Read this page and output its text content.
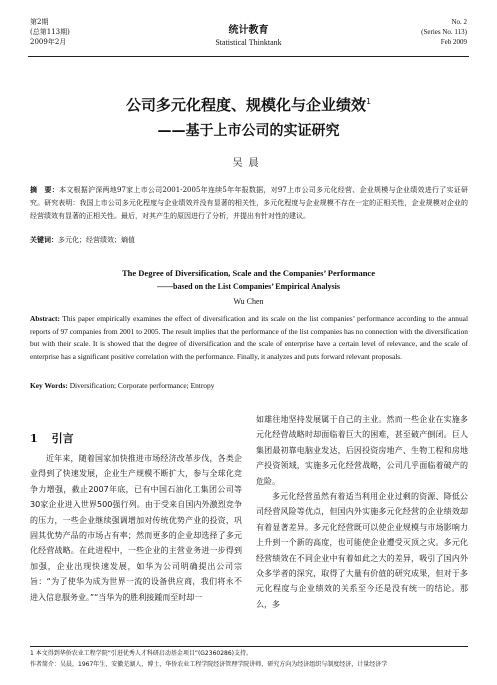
第2期
(总第113期)
2009年2月
统计教育
Statistical Thinktank
No. 2
(Series No. 113)
Feb 2009
公司多元化程度、规模化与企业绩效$^1$
——基于上市公司的实证研究
吴晨
摘　要：本文根据沪深两地97家上市公司2001-2005年连续5年年报数据，对97上市公司多元化经营、企业规模与企业绩效进行了实证研究。研究表明：我国上市公司多元化程度与企业绩效并没有显著的相关性，多元化程度与企业规模不存在一定的正相关性，企业规模对企业的经营绩效有显著的正相关性。最后，对其产生的原因进行了分析，并提出有针对性的建议。
关键词：多元化；经营绩效；熵值
The Degree of Diversification, Scale and the Companies’ Performance
——based on the List Companies’ Empirical Analysis
Wu Chen
Abstract: This paper empirically examines the effect of diversification and its scale on the list companies’ performance according to the annual reports of 97 companies from 2001 to 2005. The result implies that the performance of the list companies has no connection with the diversification but with their scale. It is showed that the degree of diversification and the scale of enterprise have a certain level of relevance, and the scale of enterprise has a significant positive correlation with the performance. Finally, it analyzes and puts forward relevant proposals.
Key Words: Diversification; Corporate performance; Entropy
1 引言

近年来，随着国家加快推进市场经济改革步伐，各类企业得到了快速发展，企业生产规模不断扩大，参与全球化竞争力增强，截止2007年底，已有中国石油化工集团公司等30家企业进入世界500强行列。由于受来自国内外激烈竞争的压力，一些企业继续强调增加对传统优势产业的投资，巩固其优势产品的市场占有率；然而更多的企业却选择了多元化经营战略。在此进程中，一些企业的主营业务进一步得到加强，企业出现快速发展，如华为公司明确提出公司宗旨：“为了使华为成为世界一流的设备供应商，我们将永不进入信息服务业。”“当华为的胜利接踵而至时却一

如雄往地坚持发展属于自己的主业。然而一些企业在实施多元化经营战略时却面临着巨大的困难，甚至破产倒闭。巨人集团最初靠电脑业发达，后因投资房地产、生物工程和房地产投资领域，实施多元化经营战略，公司几乎面临着破产的危险。

多元化经营虽然有着适当利用企业过剩的资源、降低公司经营风险等优点，但国内外实施多元化经营的企业绩效却有着显著差异。多元化经营既可以使企业规模与市场影响力上升到一个新的高度，也可能使企业遭受灭顶之灾。多元化经营绩效在不同企业中有着如此之大的差异，吸引了国内外众多学者的深究，取得了大量有价值的研究成果，但对于多元化程度与企业绩效的关系至今还是没有统一的结论。那么，多

1 本文得到华侨农业工程学院“引进优秀人才科研启动基金项目”(G2360286)支持。
作者简介：吴晨，1967年生，安徽芜湖人，博士，华侨农业工程学院经济管理学院讲师，研究方向为经济组织与制度经济，计量经济学
